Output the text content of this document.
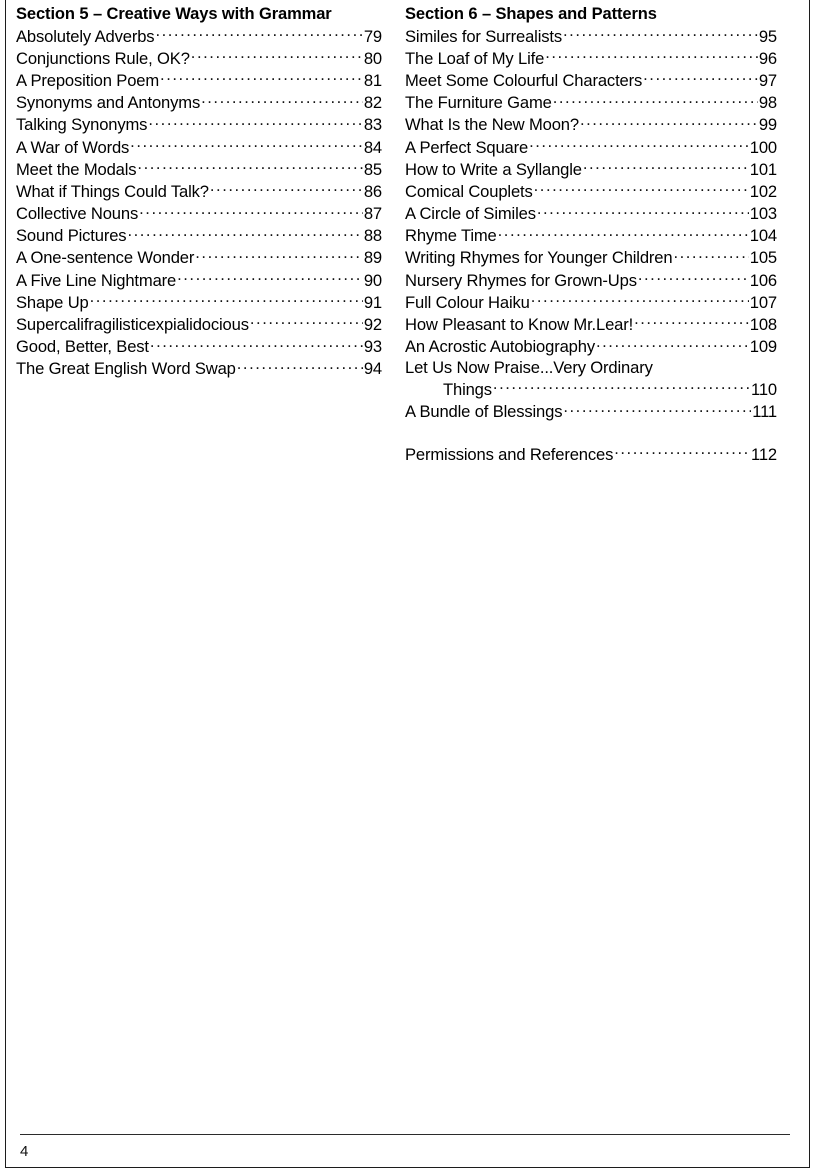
Section 5 – Creative Ways with Grammar
Absolutely Adverbs .....	79
Conjunctions Rule, OK? .....	80
A Preposition Poem .....	81
Synonyms and Antonyms .....	82
Talking Synonyms .....	83
A War of Words .....	84
Meet the Modals .....	85
What if Things Could Talk? .....	86
Collective Nouns .....	87
Sound Pictures .....	88
A One-sentence Wonder .....	89
A Five Line Nightmare .....	90
Shape Up .....	91
Supercalifragilisticexpialidocious .....	92
Good, Better, Best .....	93
The Great English Word Swap .....	94
Section 6 – Shapes and Patterns
Similes for Surrealists .....	95
The Loaf of My Life .....	96
Meet Some Colourful Characters .....	97
The Furniture Game .....	98
What Is the New Moon? .....	99
A Perfect Square .....	100
How to Write a Syllangle .....	101
Comical Couplets .....	102
A Circle of Similes .....	103
Rhyme Time .....	104
Writing Rhymes for Younger Children .....	105
Nursery Rhymes for Grown-Ups .....	106
Full Colour Haiku .....	107
How Pleasant to Know Mr.Lear! .....	108
An Acrostic Autobiography .....	109
Let Us Now Praise...Very Ordinary
Things .....	110
A Bundle of Blessings .....	111
Permissions and References .....	112
4
